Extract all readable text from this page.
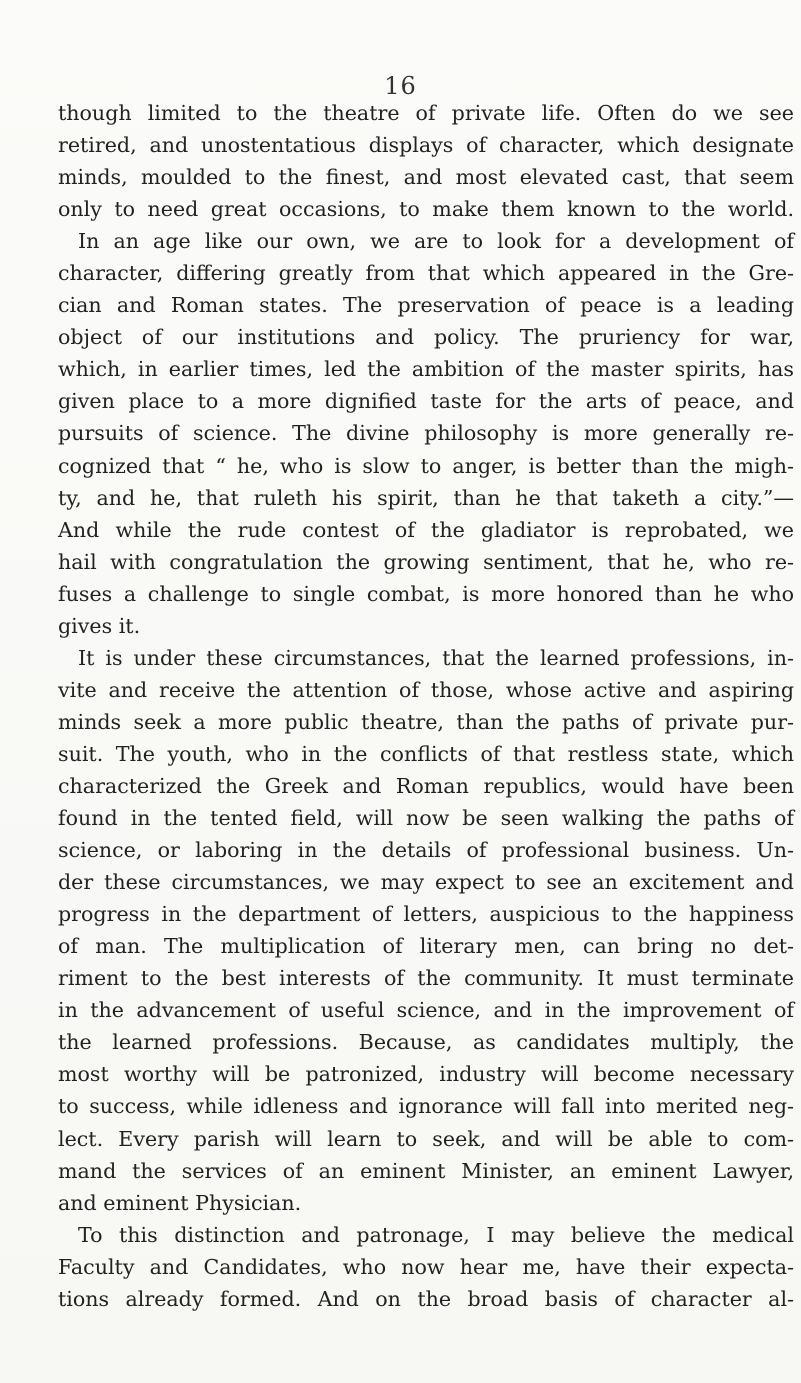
16
though limited to the theatre of private life. Often do we see
retired, and unostentatious displays of character, which designate
minds, moulded to the finest, and most elevated cast, that seem
only to need great occasions, to make them known to the world.
In an age like our own, we are to look for a development of
character, differing greatly from that which appeared in the Gre-
cian and Roman states. The preservation of peace is a leading
object of our institutions and policy. The pruriency for war,
which, in earlier times, led the ambition of the master spirits, has
given place to a more dignified taste for the arts of peace, and
pursuits of science. The divine philosophy is more generally re-
cognized that “ he, who is slow to anger, is better than the migh-
ty, and he, that ruleth his spirit, than he that taketh a city.”—
And while the rude contest of the gladiator is reprobated, we
hail with congratulation the growing sentiment, that he, who re-
fuses a challenge to single combat, is more honored than he who
gives it.
It is under these circumstances, that the learned professions, in-
vite and receive the attention of those, whose active and aspiring
minds seek a more public theatre, than the paths of private pur-
suit. The youth, who in the conflicts of that restless state, which
characterized the Greek and Roman republics, would have been
found in the tented field, will now be seen walking the paths of
science, or laboring in the details of professional business. Un-
der these circumstances, we may expect to see an excitement and
progress in the department of letters, auspicious to the happiness
of man. The multiplication of literary men, can bring no det-
riment to the best interests of the community. It must terminate
in the advancement of useful science, and in the improvement of
the learned professions. Because, as candidates multiply, the
most worthy will be patronized, industry will become necessary
to success, while idleness and ignorance will fall into merited neg-
lect. Every parish will learn to seek, and will be able to com-
mand the services of an eminent Minister, an eminent Lawyer,
and eminent Physician.
To this distinction and patronage, I may believe the medical
Faculty and Candidates, who now hear me, have their expecta-
tions already formed. And on the broad basis of character al-
